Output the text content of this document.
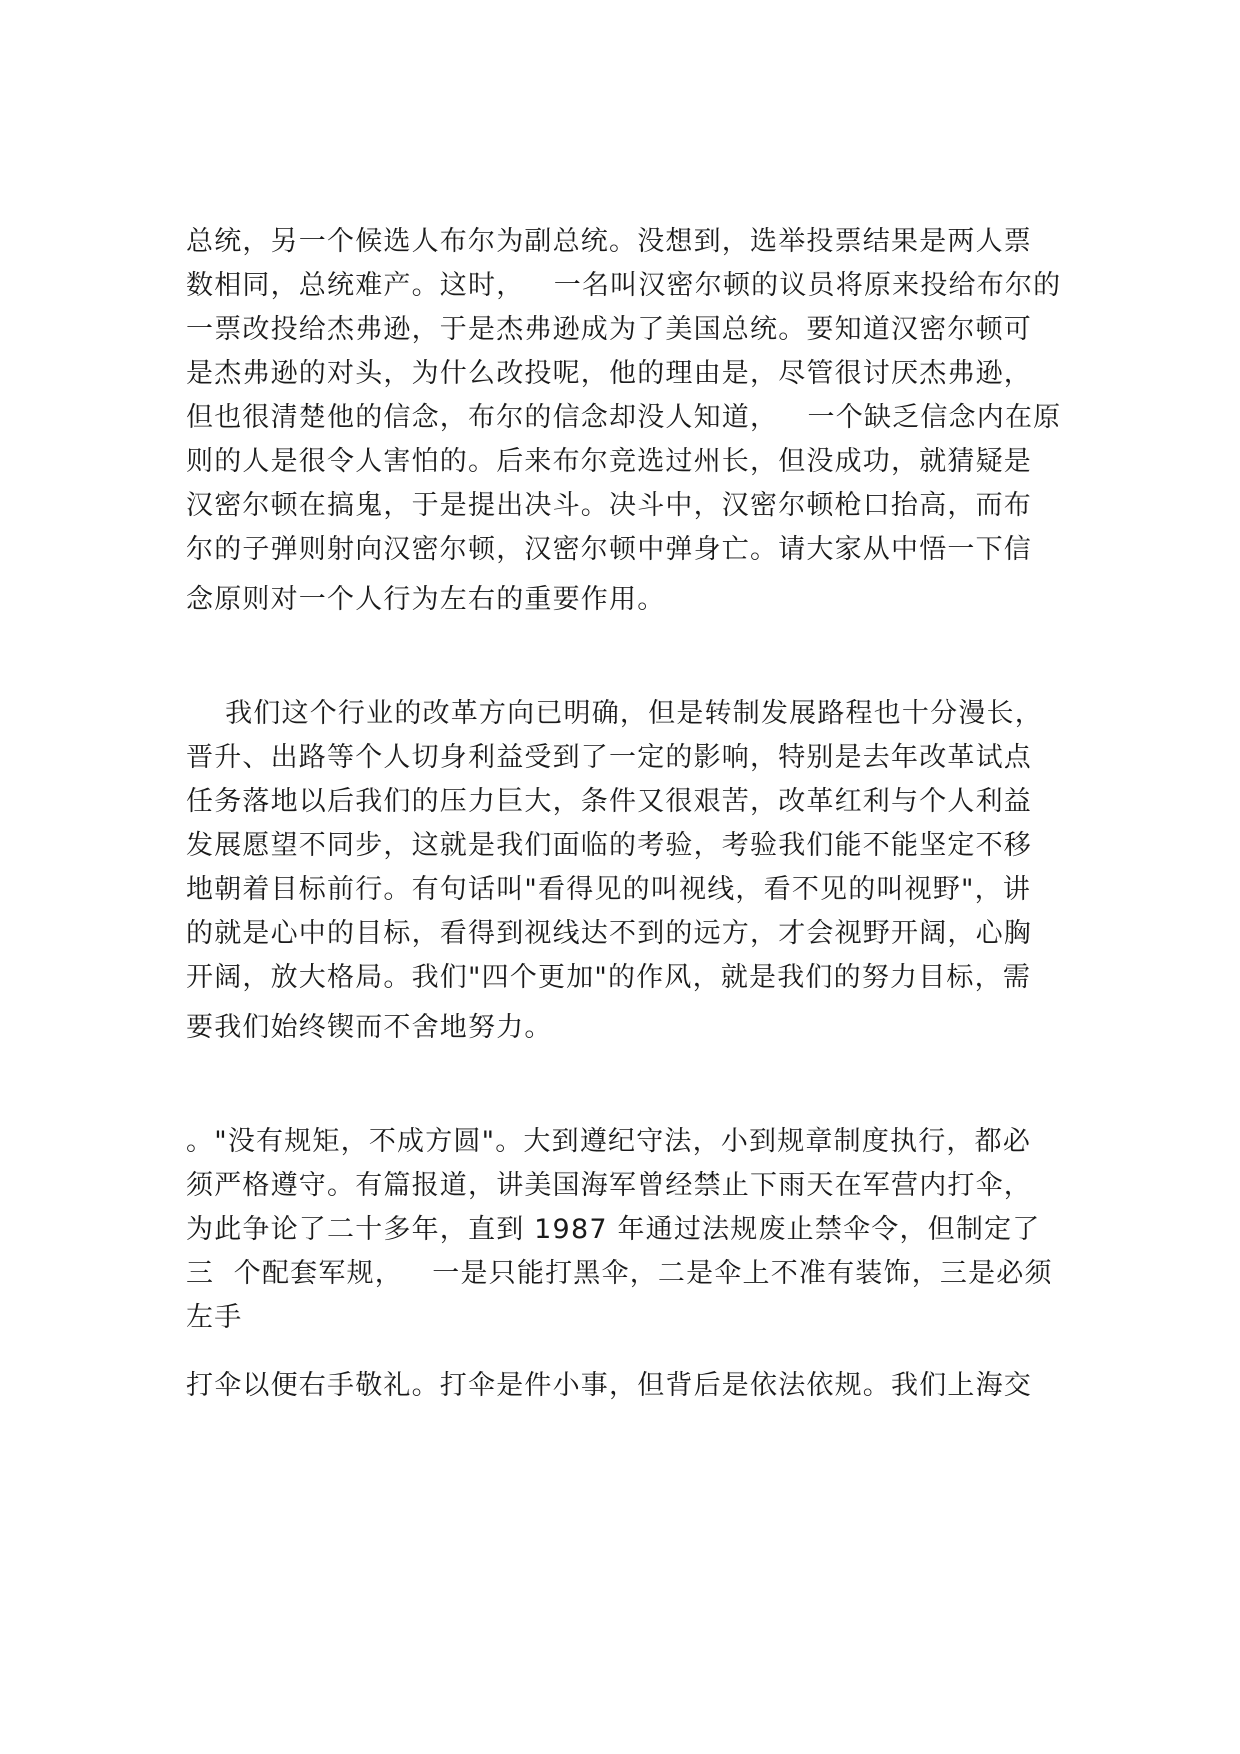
总统，另一个候选人布尔为副总统。没想到，选举投票结果是两人票
数相同，总统难产。这时，   一名叫汉密尔顿的议员将原来投给布尔的
一票改投给杰弗逊，于是杰弗逊成为了美国总统。要知道汉密尔顿可
是杰弗逊的对头，为什么改投呢，他的理由是，尽管很讨厌杰弗逊，
但也很清楚他的信念，布尔的信念却没人知道，   一个缺乏信念内在原
则的人是很令人害怕的。后来布尔竞选过州长，但没成功，就猜疑是
汉密尔顿在搞鬼，于是提出决斗。决斗中，汉密尔顿枪口抬高，而布
尔的子弹则射向汉密尔顿，汉密尔顿中弹身亡。请大家从中悟一下信
念原则对一个人行为左右的重要作用。
我们这个行业的改革方向已明确，但是转制发展路程也十分漫长，
晋升、出路等个人切身利益受到了一定的影响，特别是去年改革试点
任务落地以后我们的压力巨大，条件又很艰苦，改革红利与个人利益
发展愿望不同步，这就是我们面临的考验，考验我们能不能坚定不移
地朝着目标前行。有句话叫"看得见的叫视线，看不见的叫视野"，讲
的就是心中的目标，看得到视线达不到的远方，才会视野开阔，心胸
开阔，放大格局。我们"四个更加"的作风，就是我们的努力目标，需
要我们始终锲而不舍地努力。
。"没有规矩，不成方圆"。大到遵纪守法，小到规章制度执行，都必
须严格遵守。有篇报道，讲美国海军曾经禁止下雨天在军营内打伞，
为此争论了二十多年，直到 1987 年通过法规废止禁伞令，但制定了
三  个配套军规，   一是只能打黑伞，二是伞上不准有装饰，三是必须
左手
打伞以便右手敬礼。打伞是件小事，但背后是依法依规。我们上海交
